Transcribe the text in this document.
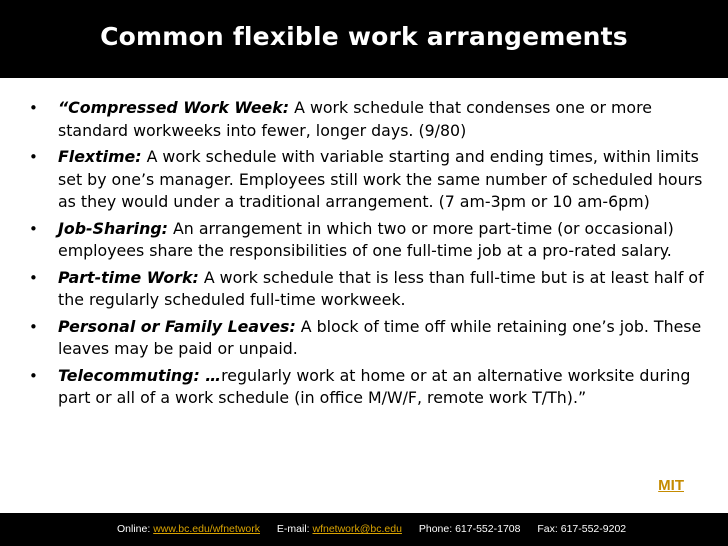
Common flexible work arrangements
• “Compressed Work Week: A work schedule that condenses one or more standard workweeks into fewer, longer days. (9/80)
• Flextime: A work schedule with variable starting and ending times, within limits set by one’s manager. Employees still work the same number of scheduled hours as they would under a traditional arrangement. (7 am-3pm or 10 am-6pm)
• Job-Sharing: An arrangement in which two or more part-time (or occasional) employees share the responsibilities of one full-time job at a pro-rated salary.
• Part-time Work: A work schedule that is less than full-time but is at least half of the regularly scheduled full-time workweek.
• Personal or Family Leaves: A block of time off while retaining one’s job. These leaves may be paid or unpaid.
• Telecommuting: …regularly work at home or at an alternative worksite during part or all of a work schedule (in office M/W/F, remote work T/Th).”
MIT
Online: www.bc.edu/wfnetwork E-mail: wfnetwork@bc.edu Phone: 617-552-1708 Fax: 617-552-9202
